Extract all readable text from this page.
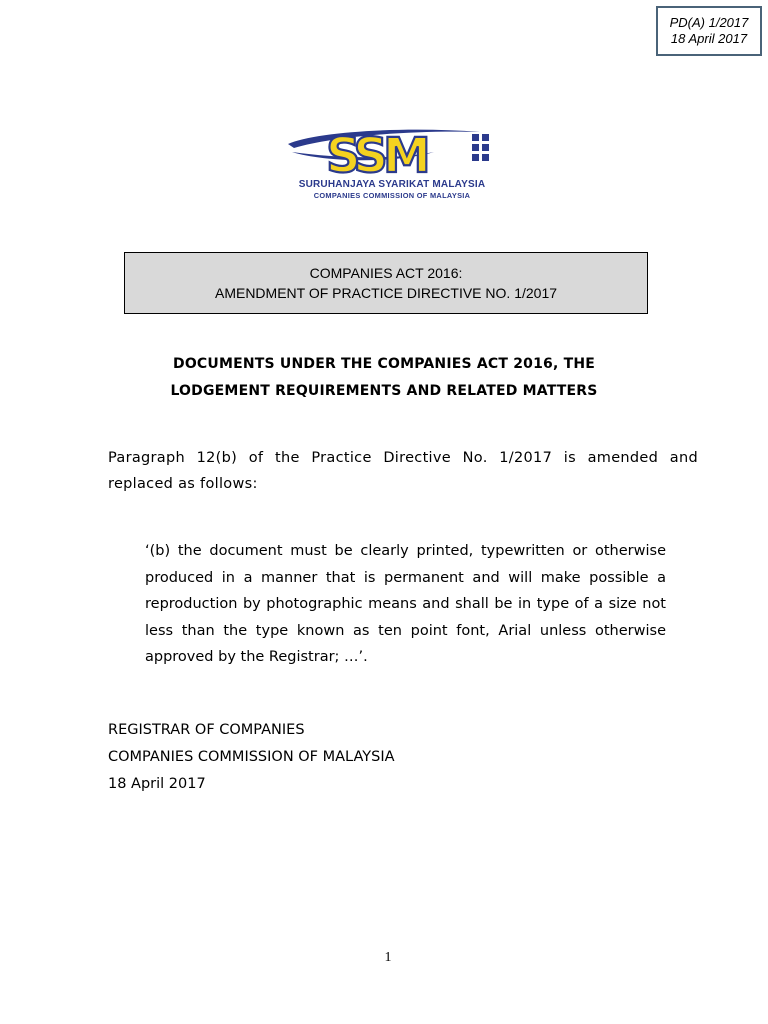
PD(A) 1/2017
18 April 2017
SSM
SURUHANJAYA SYARIKAT MALAYSIA
COMPANIES COMMISSION OF MALAYSIA
COMPANIES ACT 2016:
AMENDMENT OF PRACTICE DIRECTIVE NO. 1/2017
DOCUMENTS UNDER THE COMPANIES ACT 2016, THE
LODGEMENT REQUIREMENTS AND RELATED MATTERS
Paragraph 12(b) of the Practice Directive No. 1/2017 is amended and replaced as follows:
‘(b) the document must be clearly printed, typewritten or otherwise produced in a manner that is permanent and will make possible a reproduction by photographic means and shall be in type of a size not less than the type known as ten point font, Arial unless otherwise approved by the Registrar; …’.
REGISTRAR OF COMPANIES
COMPANIES COMMISSION OF MALAYSIA
18 April 2017
1
